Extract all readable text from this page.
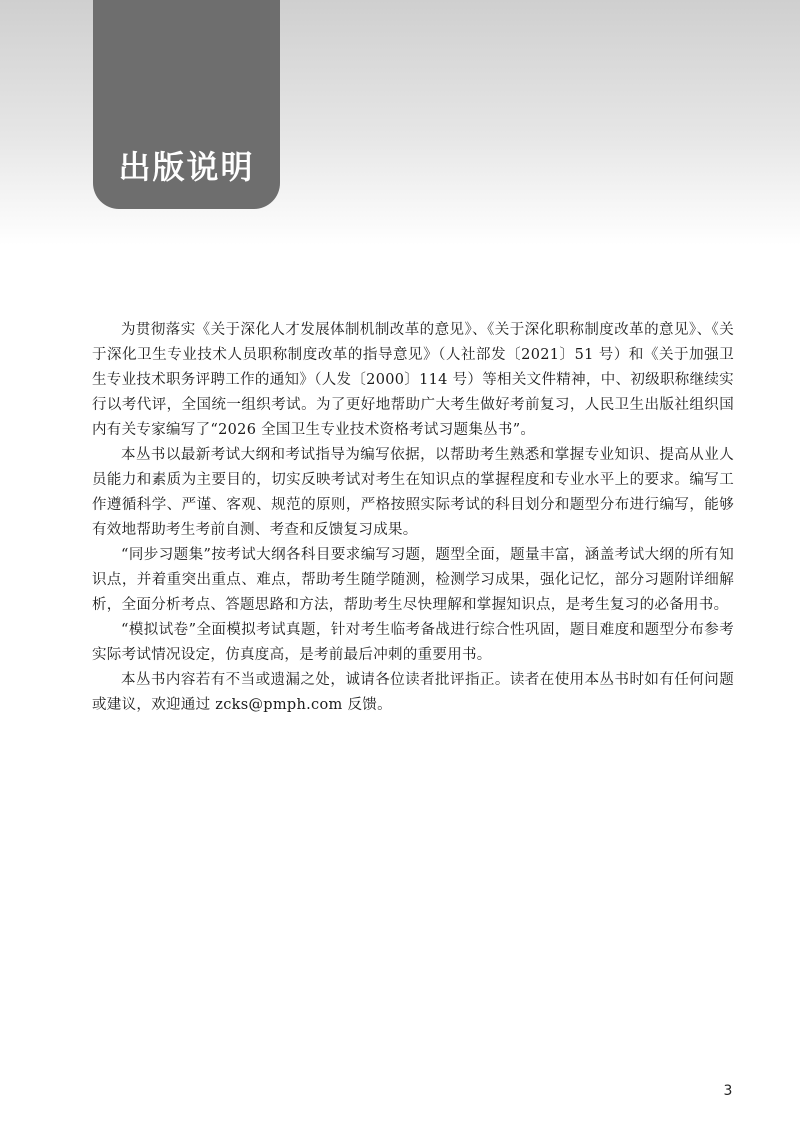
出版说明

为贯彻落实《关于深化人才发展体制机制改革的意见》、《关于深化职称制度改革的意见》、《关于深化卫生专业技术人员职称制度改革的指导意见》（人社部发〔2021〕51 号）和《关于加强卫生专业技术职务评聘工作的通知》（人发〔2000〕114 号）等相关文件精神，中、初级职称继续实行以考代评，全国统一组织考试。为了更好地帮助广大考生做好考前复习，人民卫生出版社组织国内有关专家编写了“2026 全国卫生专业技术资格考试习题集丛书”。

本丛书以最新考试大纲和考试指导为编写依据，以帮助考生熟悉和掌握专业知识、提高从业人员能力和素质为主要目的，切实反映考试对考生在知识点的掌握程度和专业水平上的要求。编写工作遵循科学、严谨、客观、规范的原则，严格按照实际考试的科目划分和题型分布进行编写，能够有效地帮助考生考前自测、考查和反馈复习成果。

“同步习题集”按考试大纲各科目要求编写习题，题型全面，题量丰富，涵盖考试大纲的所有知识点，并着重突出重点、难点，帮助考生随学随测，检测学习成果，强化记忆，部分习题附详细解析，全面分析考点、答题思路和方法，帮助考生尽快理解和掌握知识点，是考生复习的必备用书。

“模拟试卷”全面模拟考试真题，针对考生临考备战进行综合性巩固，题目难度和题型分布参考实际考试情况设定，仿真度高，是考前最后冲刺的重要用书。

本丛书内容若有不当或遗漏之处，诚请各位读者批评指正。读者在使用本丛书时如有任何问题或建议，欢迎通过 zcks@pmph.com 反馈。

3
